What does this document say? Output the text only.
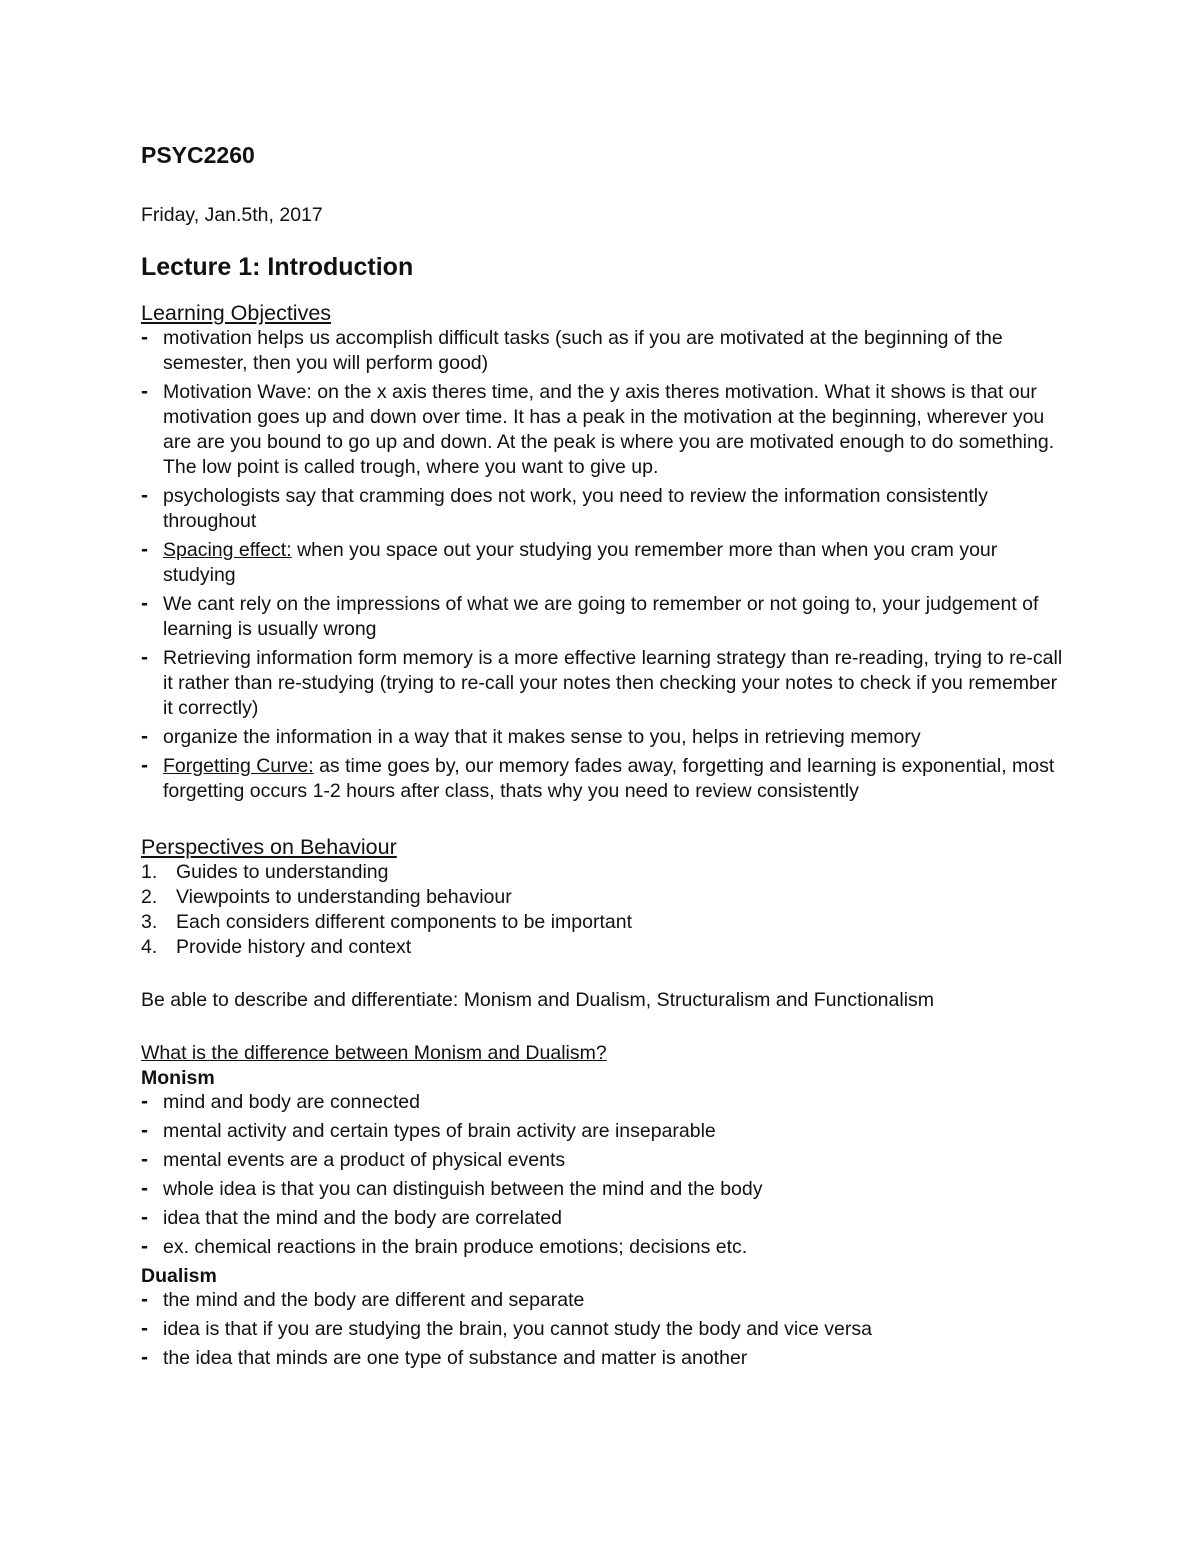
PSYC2260

Friday, Jan.5th, 2017

Lecture 1: Introduction

Learning Objectives

- motivation helps us accomplish difficult tasks (such as if you are motivated at the beginning of the semester, then you will perform good)
- Motivation Wave: on the x axis theres time, and the y axis theres motivation. What it shows is that our motivation goes up and down over time. It has a peak in the motivation at the beginning, wherever you are are you bound to go up and down. At the peak is where you are motivated enough to do something. The low point is called trough, where you want to give up.
- psychologists say that cramming does not work, you need to review the information consistently throughout
- Spacing effect: when you space out your studying you remember more than when you cram your studying
- We cant rely on the impressions of what we are going to remember or not going to, your judgement of learning is usually wrong
- Retrieving information form memory is a more effective learning strategy than re-reading, trying to re-call it rather than re-studying (trying to re-call your notes then checking your notes to check if you remember it correctly)
- organize the information in a way that it makes sense to you, helps in retrieving memory
- Forgetting Curve: as time goes by, our memory fades away, forgetting and learning is exponential, most forgetting occurs 1-2 hours after class, thats why you need to review consistently

Perspectives on Behaviour

1. Guides to understanding
2. Viewpoints to understanding behaviour
3. Each considers different components to be important
4. Provide history and context

Be able to describe and differentiate: Monism and Dualism, Structuralism and Functionalism

What is the difference between Monism and Dualism?

Monism

- mind and body are connected
- mental activity and certain types of brain activity are inseparable
- mental events are a product of physical events
- whole idea is that you can distinguish between the mind and the body
- idea that the mind and the body are correlated
- ex. chemical reactions in the brain produce emotions; decisions etc.

Dualism

- the mind and the body are different and separate
- idea is that if you are studying the brain, you cannot study the body and vice versa
- the idea that minds are one type of substance and matter is another
